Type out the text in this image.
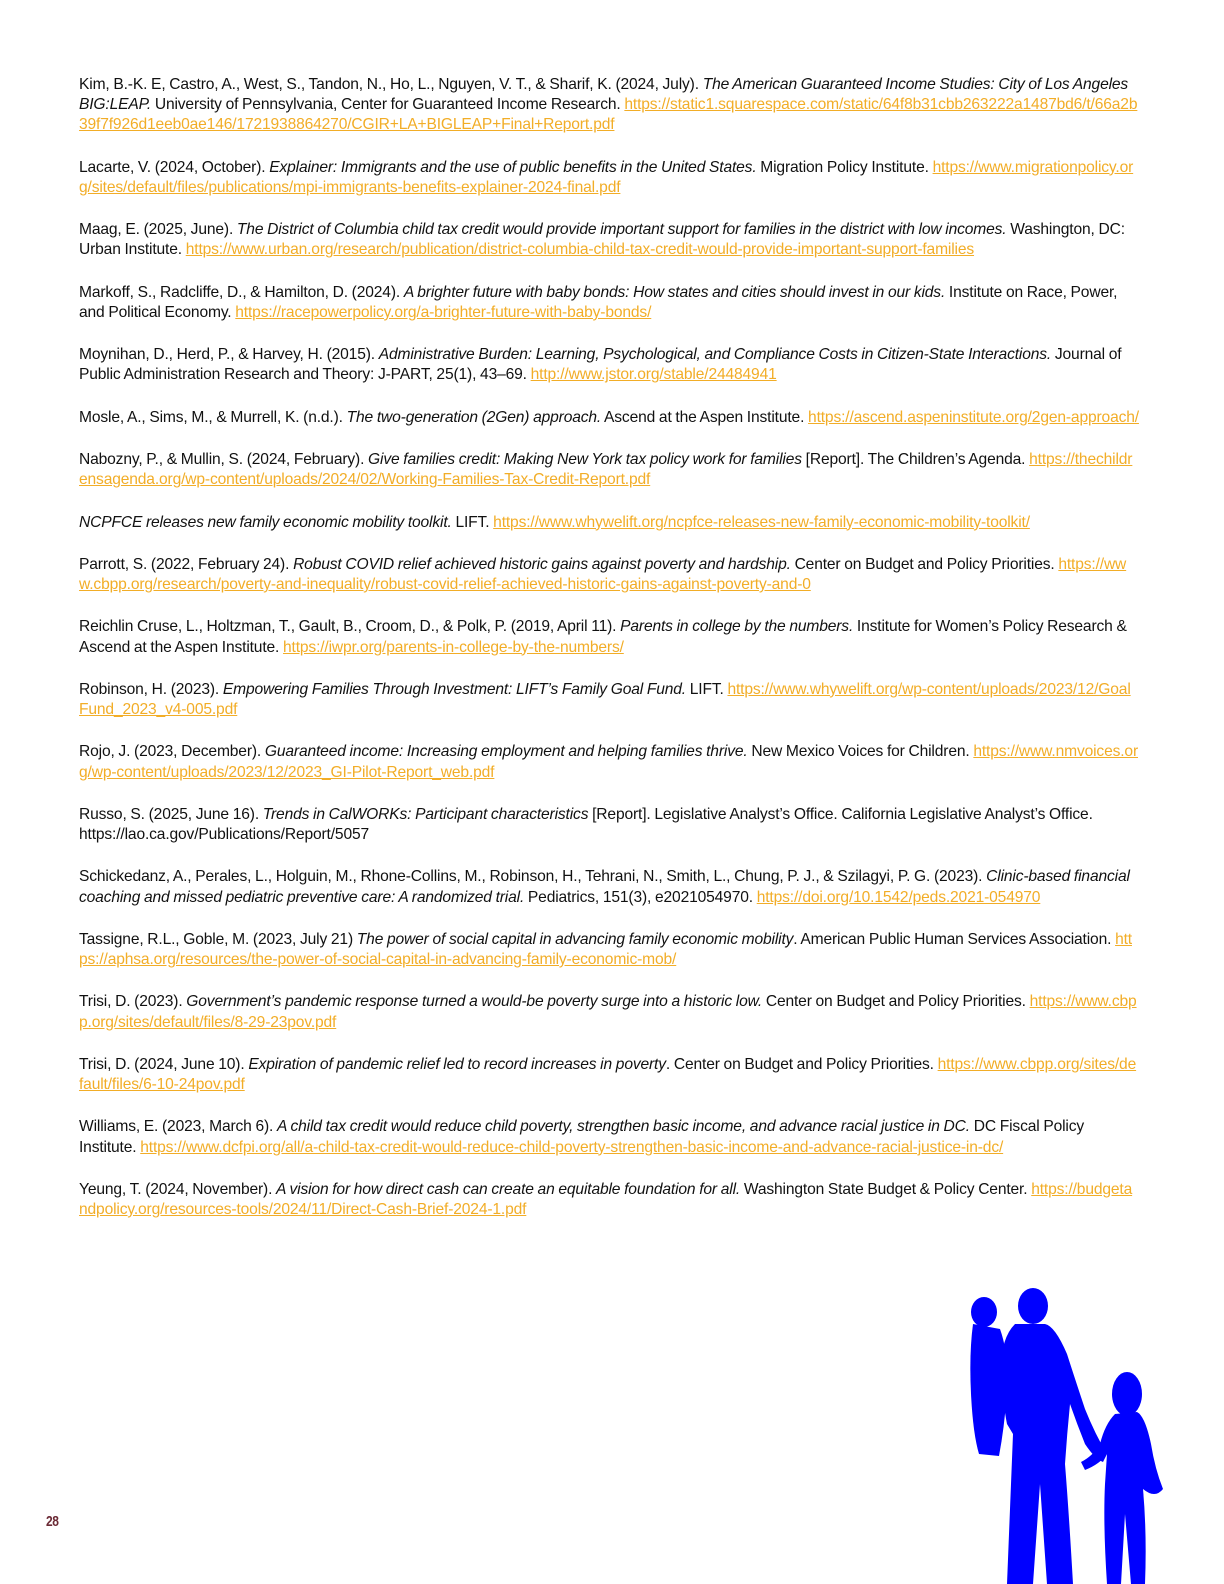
Kim, B.-K. E, Castro, A., West, S., Tandon, N., Ho, L., Nguyen, V. T., & Sharif, K. (2024, July). The American Guaranteed Income Studies: City of Los Angeles BIG:LEAP. University of Pennsylvania, Center for Guaranteed Income Research. https://static1.squarespace.com/static/64f8b31cbb263222a1487bd6/t/66a2b39f7f926d1eeb0ae146/1721938864270/CGIR+LA+BIGLEAP+Final+Report.pdf

Lacarte, V. (2024, October). Explainer: Immigrants and the use of public benefits in the United States. Migration Policy Institute. https://www.migrationpolicy.org/sites/default/files/publications/mpi-immigrants-benefits-explainer-2024-final.pdf

Maag, E. (2025, June). The District of Columbia child tax credit would provide important support for families in the district with low incomes. Washington, DC: Urban Institute. https://www.urban.org/research/publication/district-columbia-child-tax-credit-would-provide-important-support-families

Markoff, S., Radcliffe, D., & Hamilton, D. (2024). A brighter future with baby bonds: How states and cities should invest in our kids. Institute on Race, Power, and Political Economy. https://racepowerpolicy.org/a-brighter-future-with-baby-bonds/

Moynihan, D., Herd, P., & Harvey, H. (2015). Administrative Burden: Learning, Psychological, and Compliance Costs in Citizen-State Interactions. Journal of Public Administration Research and Theory: J-PART, 25(1), 43–69. http://www.jstor.org/stable/24484941

Mosle, A., Sims, M., & Murrell, K. (n.d.). The two-generation (2Gen) approach. Ascend at the Aspen Institute. https://ascend.aspeninstitute.org/2gen-approach/

Nabozny, P., & Mullin, S. (2024, February). Give families credit: Making New York tax policy work for families [Report]. The Children’s Agenda. https://thechildrensagenda.org/wp-content/uploads/2024/02/Working-Families-Tax-Credit-Report.pdf

NCPFCE releases new family economic mobility toolkit. LIFT. https://www.whywelift.org/ncpfce-releases-new-family-economic-mobility-toolkit/

Parrott, S. (2022, February 24). Robust COVID relief achieved historic gains against poverty and hardship. Center on Budget and Policy Priorities. https://www.cbpp.org/research/poverty-and-inequality/robust-covid-relief-achieved-historic-gains-against-poverty-and-0

Reichlin Cruse, L., Holtzman, T., Gault, B., Croom, D., & Polk, P. (2019, April 11). Parents in college by the numbers. Institute for Women’s Policy Research & Ascend at the Aspen Institute. https://iwpr.org/parents-in-college-by-the-numbers/

Robinson, H. (2023). Empowering Families Through Investment: LIFT’s Family Goal Fund. LIFT. https://www.whywelift.org/wp-content/uploads/2023/12/GoalFund_2023_v4-005.pdf

Rojo, J. (2023, December). Guaranteed income: Increasing employment and helping families thrive. New Mexico Voices for Children. https://www.nmvoices.org/wp-content/uploads/2023/12/2023_GI-Pilot-Report_web.pdf

Russo, S. (2025, June 16). Trends in CalWORKs: Participant characteristics [Report]. Legislative Analyst’s Office. California Legislative Analyst’s Office. https://lao.ca.gov/Publications/Report/5057

Schickedanz, A., Perales, L., Holguin, M., Rhone-Collins, M., Robinson, H., Tehrani, N., Smith, L., Chung, P. J., & Szilagyi, P. G. (2023). Clinic-based financial coaching and missed pediatric preventive care: A randomized trial. Pediatrics, 151(3), e2021054970. https://doi.org/10.1542/peds.2021-054970

Tassigne, R.L., Goble, M. (2023, July 21) The power of social capital in advancing family economic mobility. American Public Human Services Association. https://aphsa.org/resources/the-power-of-social-capital-in-advancing-family-economic-mob/

Trisi, D. (2023). Government’s pandemic response turned a would-be poverty surge into a historic low. Center on Budget and Policy Priorities. https://www.cbpp.org/sites/default/files/8-29-23pov.pdf

Trisi, D. (2024, June 10). Expiration of pandemic relief led to record increases in poverty. Center on Budget and Policy Priorities. https://www.cbpp.org/sites/default/files/6-10-24pov.pdf

Williams, E. (2023, March 6). A child tax credit would reduce child poverty, strengthen basic income, and advance racial justice in DC. DC Fiscal Policy Institute. https://www.dcfpi.org/all/a-child-tax-credit-would-reduce-child-poverty-strengthen-basic-income-and-advance-racial-justice-in-dc/

Yeung, T. (2024, November). A vision for how direct cash can create an equitable foundation for all. Washington State Budget & Policy Center. https://budgetandpolicy.org/resources-tools/2024/11/Direct-Cash-Brief-2024-1.pdf

28
